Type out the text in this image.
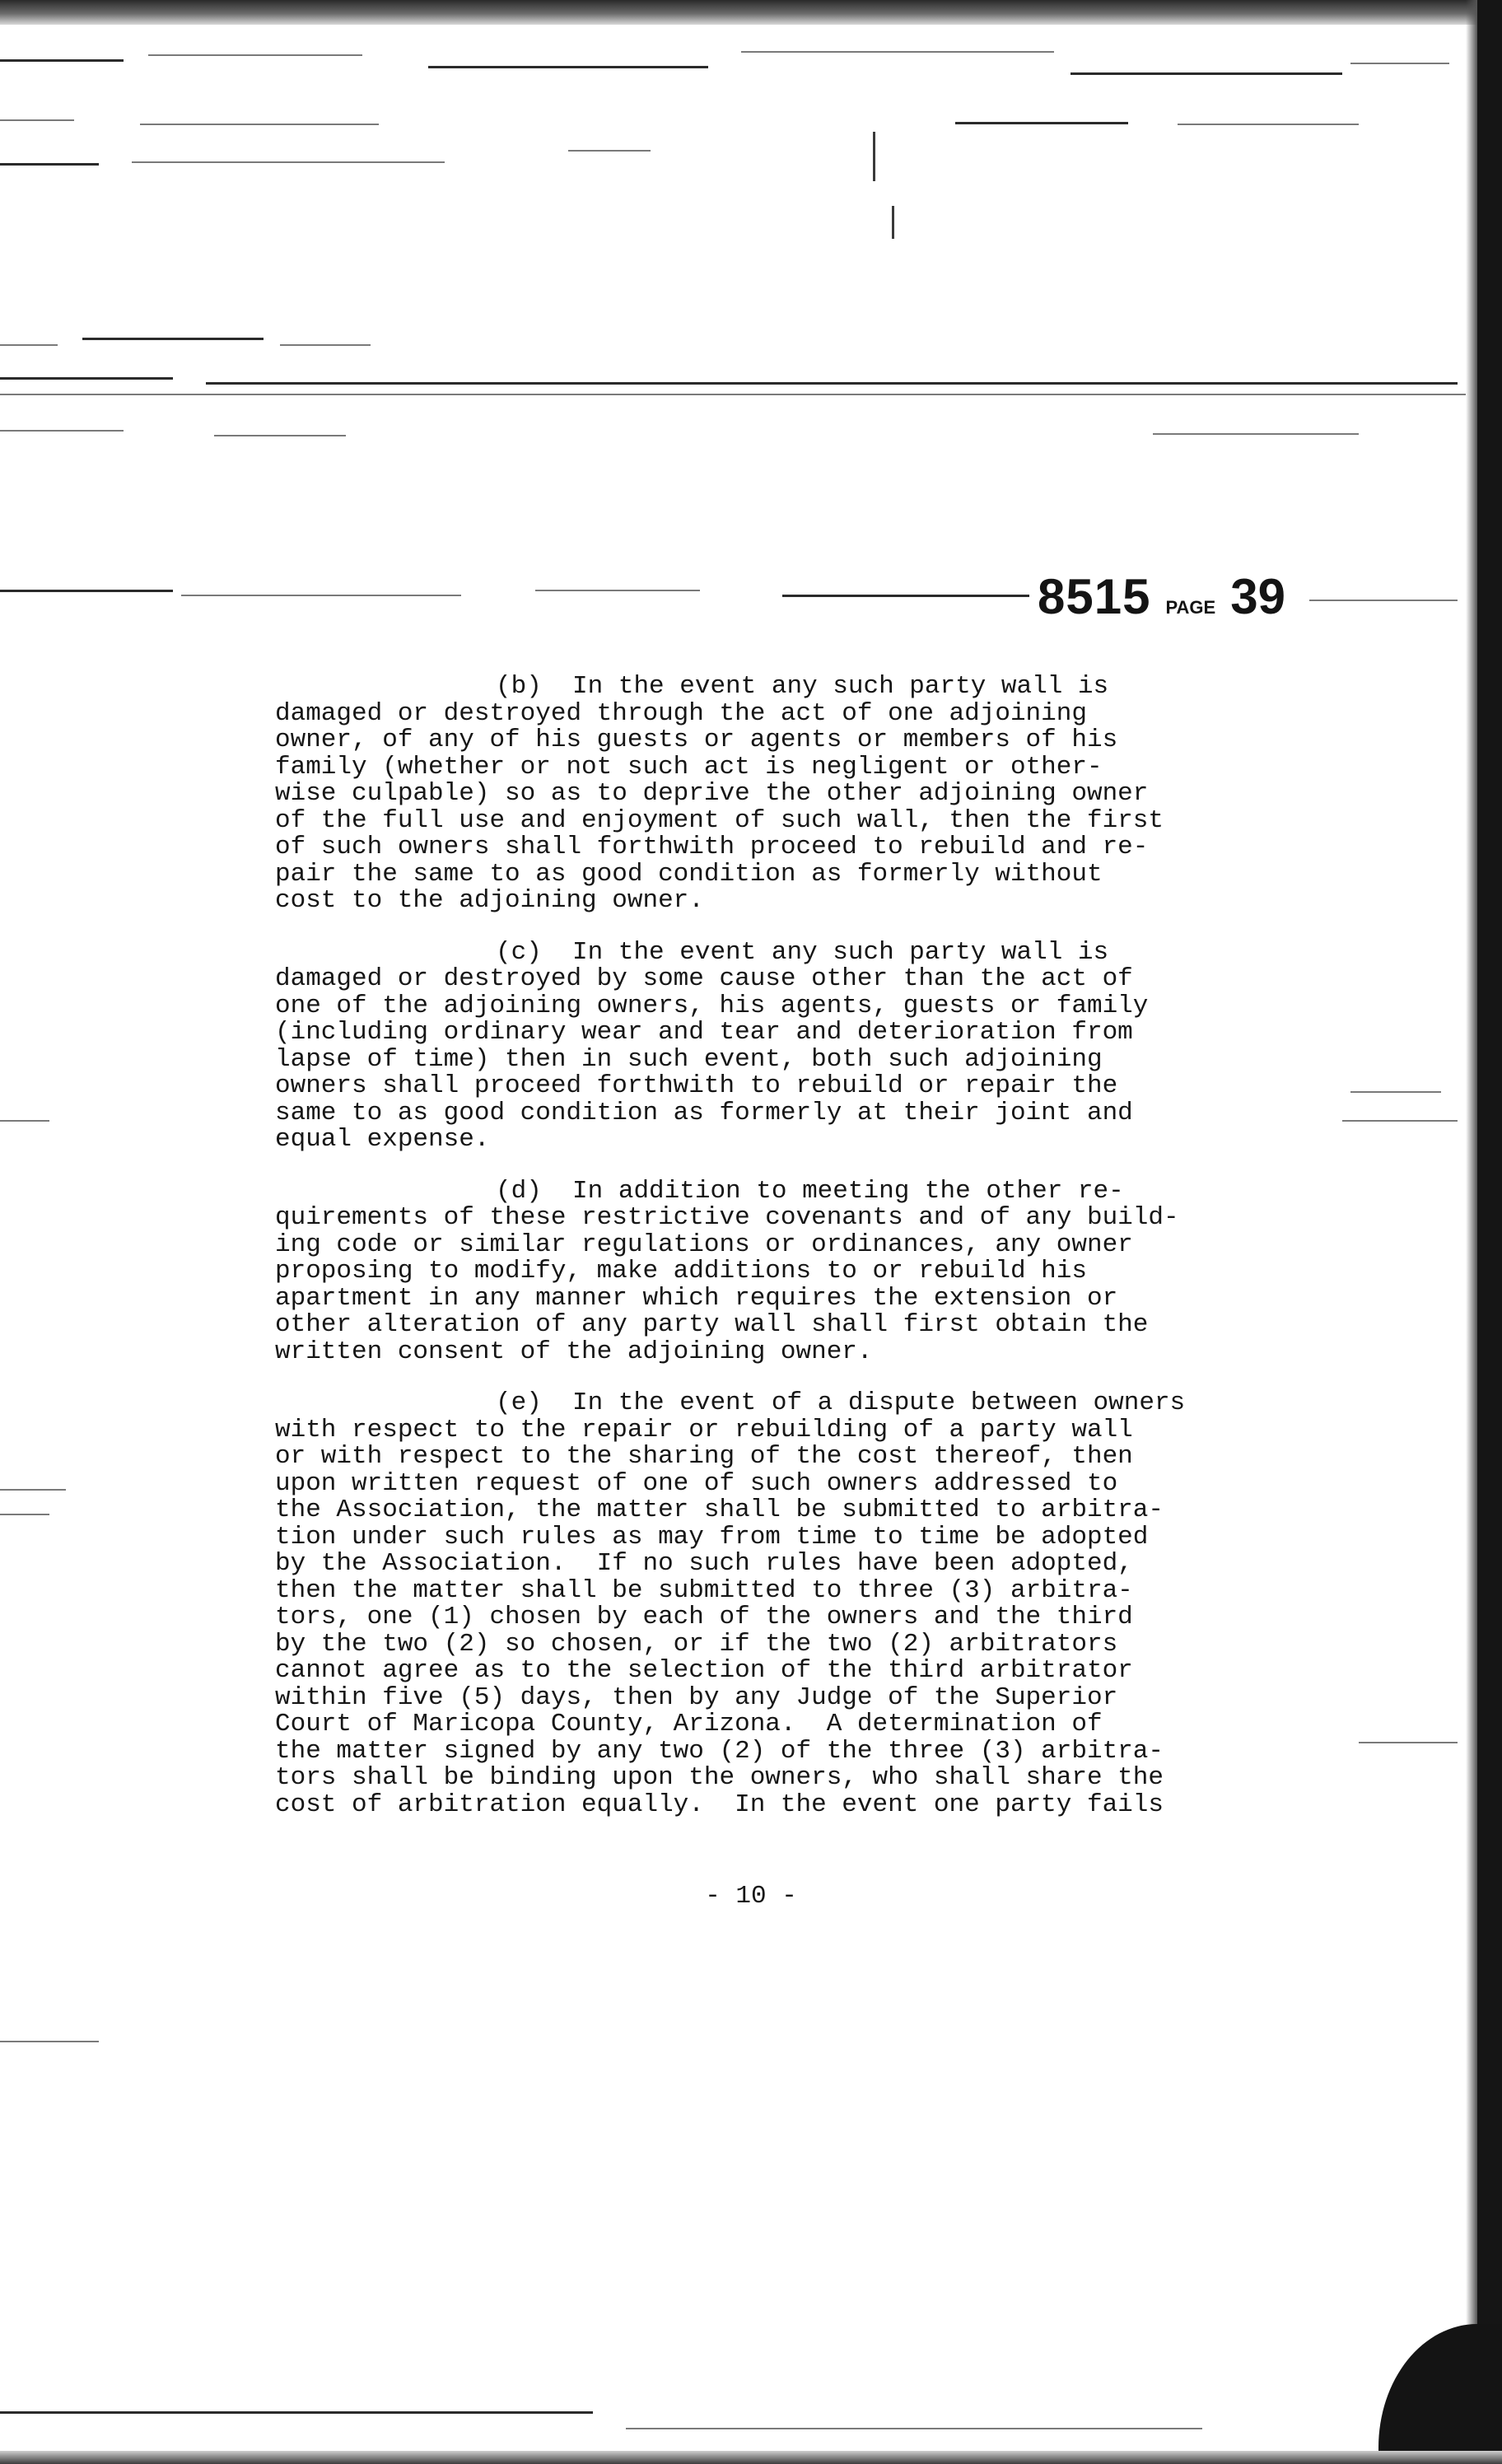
8515 PAGE 39
(b) In the event any such party wall is
damaged or destroyed through the act of one adjoining
owner, of any of his guests or agents or members of his
family (whether or not such act is negligent or other-
wise culpable) so as to deprive the other adjoining owner
of the full use and enjoyment of such wall, then the first
of such owners shall forthwith proceed to rebuild and re-
pair the same to as good condition as formerly without
cost to the adjoining owner.
(c) In the event any such party wall is
damaged or destroyed by some cause other than the act of
one of the adjoining owners, his agents, guests or family
(including ordinary wear and tear and deterioration from
lapse of time) then in such event, both such adjoining
owners shall proceed forthwith to rebuild or repair the
same to as good condition as formerly at their joint and
equal expense.
(d) In addition to meeting the other re-
quirements of these restrictive covenants and of any build-
ing code or similar regulations or ordinances, any owner
proposing to modify, make additions to or rebuild his
apartment in any manner which requires the extension or
other alteration of any party wall shall first obtain the
written consent of the adjoining owner.
(e) In the event of a dispute between owners
with respect to the repair or rebuilding of a party wall
or with respect to the sharing of the cost thereof, then
upon written request of one of such owners addressed to
the Association, the matter shall be submitted to arbitra-
tion under such rules as may from time to time be adopted
by the Association.  If no such rules have been adopted,
then the matter shall be submitted to three (3) arbitra-
tors, one (1) chosen by each of the owners and the third
by the two (2) so chosen, or if the two (2) arbitrators
cannot agree as to the selection of the third arbitrator
within five (5) days, then by any Judge of the Superior
Court of Maricopa County, Arizona.  A determination of
the matter signed by any two (2) of the three (3) arbitra-
tors shall be binding upon the owners, who shall share the
cost of arbitration equally.  In the event one party fails
- 10 -
